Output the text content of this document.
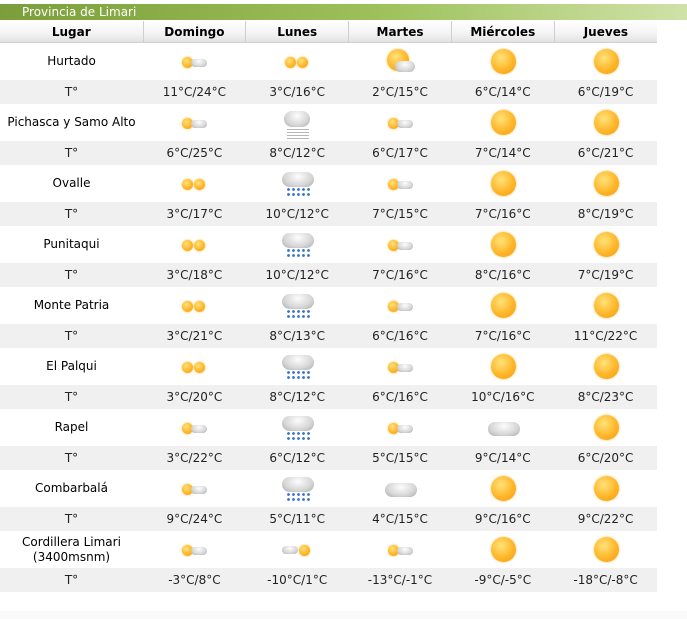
Provincia de Limari
Lugar	Domingo	Lunes	Martes	Miércoles	Jueves
Hurtado	

T°	11°C/24°C	3°C/16°C	2°C/15°C	6°C/14°C	6°C/19°C
Pichasca y Samo Alto	

T°	6°C/25°C	8°C/12°C	6°C/17°C	7°C/14°C	6°C/21°C
Ovalle	

T°	3°C/17°C	10°C/12°C	7°C/15°C	7°C/16°C	8°C/19°C
Punitaqui	

T°	3°C/18°C	10°C/12°C	7°C/16°C	8°C/16°C	7°C/19°C
Monte Patria	

T°	3°C/21°C	8°C/13°C	6°C/16°C	7°C/16°C	11°C/22°C
El Palqui	

T°	3°C/20°C	8°C/12°C	6°C/16°C	10°C/16°C	8°C/23°C
Rapel	

T°	3°C/22°C	6°C/12°C	5°C/15°C	9°C/14°C	6°C/20°C
Combarbalá	

T°	9°C/24°C	5°C/11°C	4°C/15°C	9°C/16°C	9°C/22°C
Cordillera Limari
(3400msnm)	

T°	-3°C/8°C	-10°C/1°C	-13°C/-1°C	-9°C/-5°C	-18°C/-8°C
